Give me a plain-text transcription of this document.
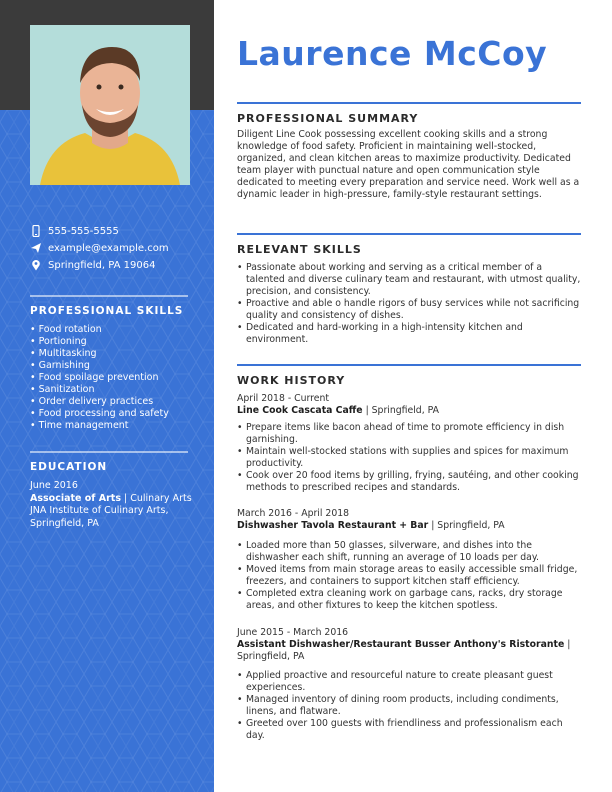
555-555-5555
example@example.com
Springfield, PA 19064
PROFESSIONAL SKILLS
• Food rotation
• Portioning
• Multitasking
• Garnishing
• Food spoilage prevention
• Sanitization
• Order delivery practices
• Food processing and safety
• Time management
EDUCATION
June 2016
Associate of Arts | Culinary Arts
JNA Institute of Culinary Arts,
Springfield, PA
Laurence McCoy
PROFESSIONAL SUMMARY

Diligent Line Cook possessing excellent cooking skills and a strong knowledge of food safety. Proficient in maintaining well-stocked, organized, and clean kitchen areas to maximize productivity. Dedicated team player with punctual nature and open communication style dedicated to meeting every preparation and service need. Work well as a dynamic leader in high-pressure, family-style restaurant settings.

RELEVANT SKILLS
• Passionate about working and serving as a critical member of a talented and diverse culinary team and restaurant, with utmost quality, precision, and consistency.
• Proactive and able o handle rigors of busy services while not sacrificing quality and consistency of dishes.
• Dedicated and hard-working in a high-intensity kitchen and environment.
WORK HISTORY
April 2018 - Current
Line Cook Cascata Caffe | Springfield, PA
• Prepare items like bacon ahead of time to promote efficiency in dish garnishing.
• Maintain well-stocked stations with supplies and spices for maximum productivity.
• Cook over 20 food items by grilling, frying, sautéing, and other cooking methods to prescribed recipes and standards.
March 2016 - April 2018
Dishwasher Tavola Restaurant + Bar | Springfield, PA
• Loaded more than 50 glasses, silverware, and dishes into the dishwasher each shift, running an average of 10 loads per day.
• Moved items from main storage areas to easily accessible small fridge, freezers, and containers to support kitchen staff efficiency.
• Completed extra cleaning work on garbage cans, racks, dry storage areas, and other fixtures to keep the kitchen spotless.
June 2015 - March 2016
Assistant Dishwasher/Restaurant Busser Anthony's Ristorante | Springfield, PA
• Applied proactive and resourceful nature to create pleasant guest experiences.
• Managed inventory of dining room products, including condiments, linens, and flatware.
• Greeted over 100 guests with friendliness and professionalism each day.
